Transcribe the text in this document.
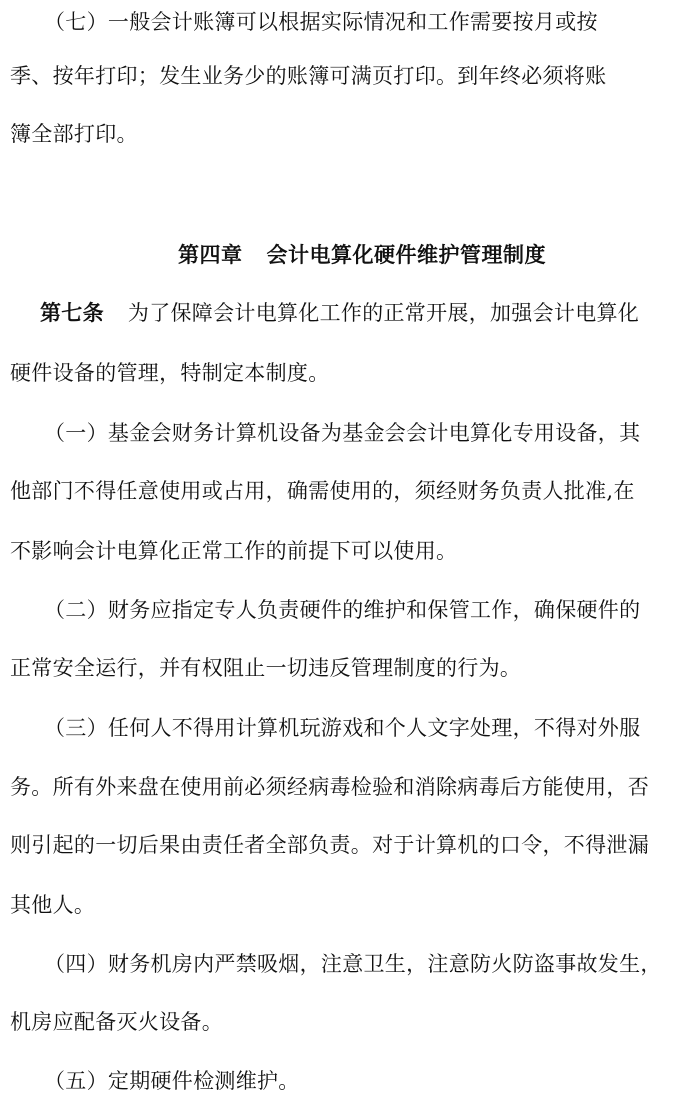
（七）一般会计账簿可以根据实际情况和工作需要按月或按
季、按年打印；发生业务少的账簿可满页打印。到年终必须将账
簿全部打印。
第四章 会计电算化硬件维护管理制度
第七条 为了保障会计电算化工作的正常开展，加强会计电算化
硬件设备的管理，特制定本制度。
（一）基金会财务计算机设备为基金会会计电算化专用设备，其
他部门不得任意使用或占用，确需使用的，须经财务负责人批准,在
不影响会计电算化正常工作的前提下可以使用。
（二）财务应指定专人负责硬件的维护和保管工作，确保硬件的
正常安全运行，并有权阻止一切违反管理制度的行为。
（三）任何人不得用计算机玩游戏和个人文字处理，不得对外服
务。所有外来盘在使用前必须经病毒检验和消除病毒后方能使用，否
则引起的一切后果由责任者全部负责。对于计算机的口令，不得泄漏
其他人。
（四）财务机房内严禁吸烟，注意卫生，注意防火防盗事故发生，
机房应配备灭火设备。
（五）定期硬件检测维护。
